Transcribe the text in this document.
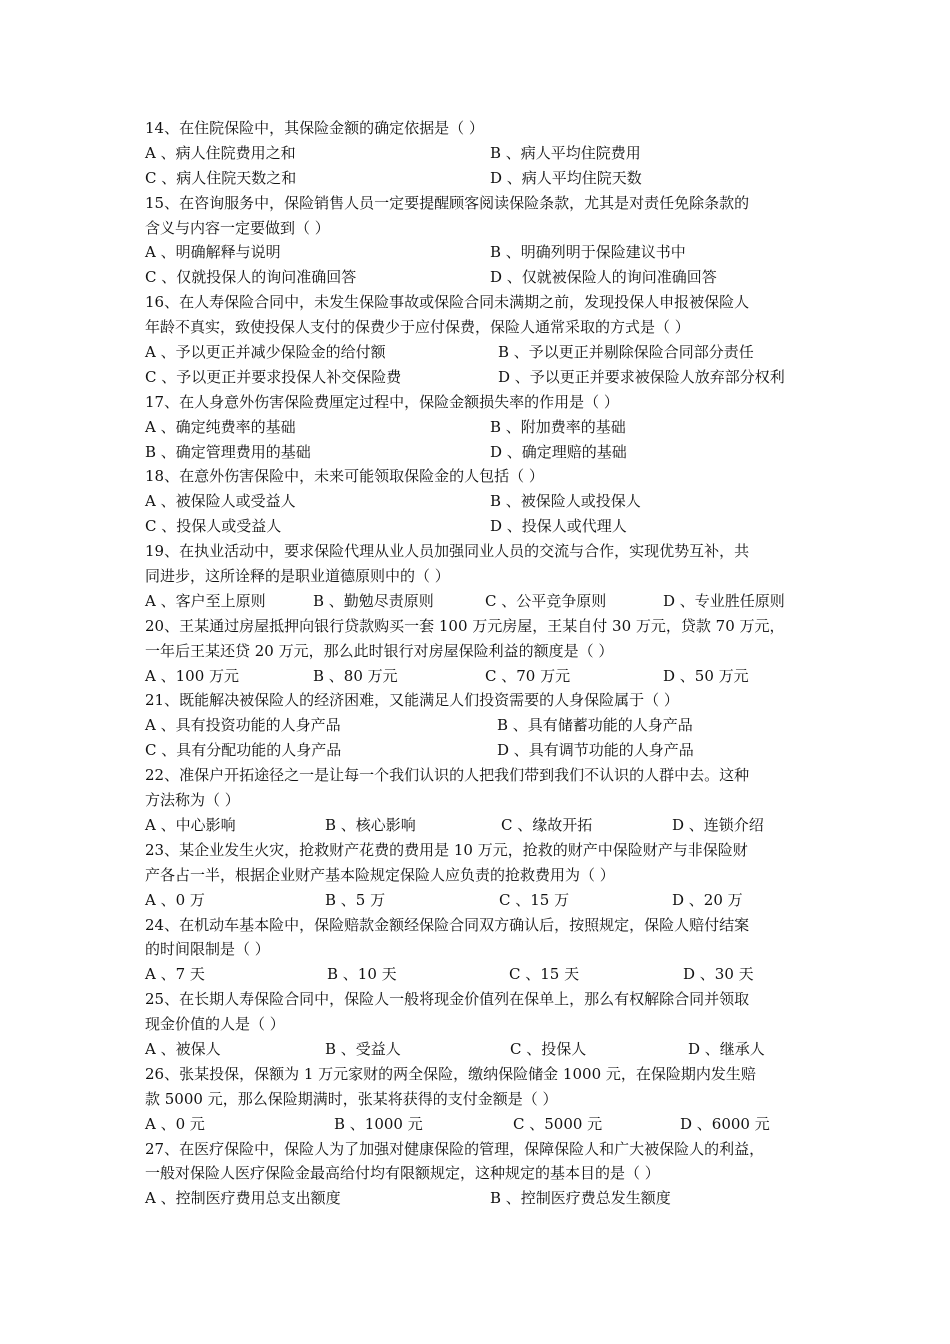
14、在住院保险中，其保险金额的确定依据是（ ）
A 、病人住院费用之和	B 、病人平均住院费用
C 、病人住院天数之和	D 、病人平均住院天数
15、在咨询服务中，保险销售人员一定要提醒顾客阅读保险条款，尤其是对责任免除条款的
含义与内容一定要做到（ ）
A 、明确解释与说明	B 、明确列明于保险建议书中
C 、仅就投保人的询问准确回答	D 、仅就被保险人的询问准确回答
16、在人寿保险合同中，未发生保险事故或保险合同未满期之前，发现投保人申报被保险人
年龄不真实，致使投保人支付的保费少于应付保费，保险人通常采取的方式是（ ）
A 、予以更正并减少保险金的给付额	B 、予以更正并剔除保险合同部分责任
C 、予以更正并要求投保人补交保险费	D 、予以更正并要求被保险人放弃部分权利
17、在人身意外伤害保险费厘定过程中，保险金额损失率的作用是（ ）
A 、确定纯费率的基础	B 、附加费率的基础
B 、确定管理费用的基础	D 、确定理赔的基础
18、在意外伤害保险中，未来可能领取保险金的人包括（ ）
A 、被保险人或受益人	B 、被保险人或投保人
C 、投保人或受益人	D 、投保人或代理人
19、在执业活动中，要求保险代理从业人员加强同业人员的交流与合作，实现优势互补，共
同进步，这所诠释的是职业道德原则中的（ ）
A 、客户至上原则	B 、勤勉尽责原则	C 、公平竞争原则	D 、专业胜任原则
20、王某通过房屋抵押向银行贷款购买一套 100 万元房屋，王某自付 30 万元，贷款 70 万元，
一年后王某还贷 20 万元，那么此时银行对房屋保险利益的额度是（ ）
A 、100 万元	B 、80 万元	C 、70 万元	D 、50 万元
21、既能解决被保险人的经济困难，又能满足人们投资需要的人身保险属于（ ）
A 、具有投资功能的人身产品	B 、具有储蓄功能的人身产品
C 、具有分配功能的人身产品	D 、具有调节功能的人身产品
22、准保户开拓途径之一是让每一个我们认识的人把我们带到我们不认识的人群中去。这种
方法称为（ ）
A 、中心影响	B 、核心影响	C 、缘故开拓	D 、连锁介绍
23、某企业发生火灾，抢救财产花费的费用是 10 万元，抢救的财产中保险财产与非保险财
产各占一半，根据企业财产基本险规定保险人应负责的抢救费用为（ ）
A 、0 万	B 、5 万	C 、15 万	D 、20 万
24、在机动车基本险中，保险赔款金额经保险合同双方确认后，按照规定，保险人赔付结案
的时间限制是（ ）
A 、7 天	B 、10 天	C 、15 天	D 、30 天
25、在长期人寿保险合同中，保险人一般将现金价值列在保单上，那么有权解除合同并领取
现金价值的人是（ ）
A 、被保人	B 、受益人	C 、投保人	D 、继承人
26、张某投保，保额为 1 万元家财的两全保险，缴纳保险储金 1000 元，在保险期内发生赔
款 5000 元，那么保险期满时，张某将获得的支付金额是（ ）
A 、0 元	B 、1000 元	C 、5000 元	D 、6000 元
27、在医疗保险中，保险人为了加强对健康保险的管理，保障保险人和广大被保险人的利益，
一般对保险人医疗保险金最高给付均有限额规定，这种规定的基本目的是（ ）
A 、控制医疗费用总支出额度	B 、控制医疗费总发生额度
